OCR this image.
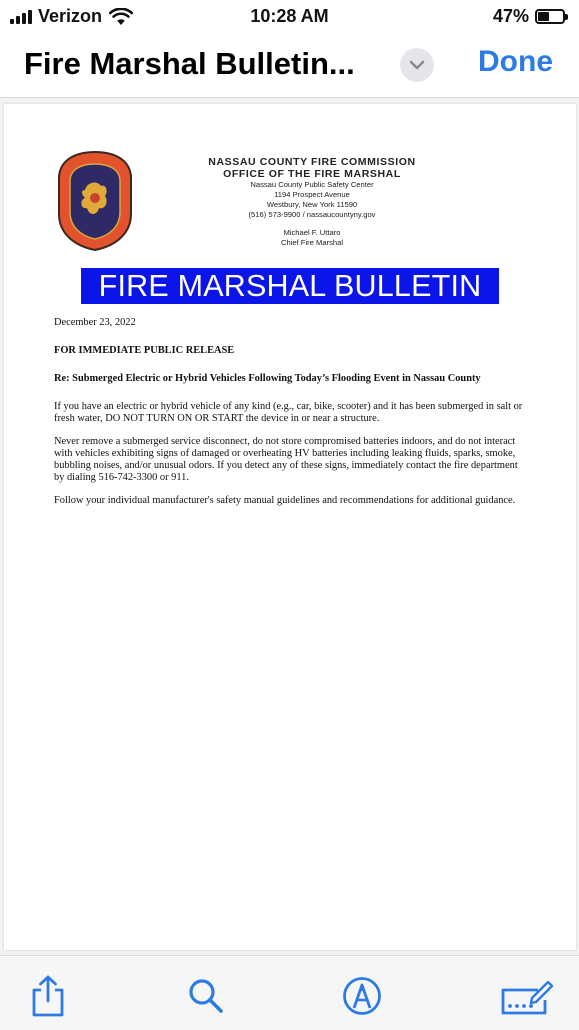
Verizon	10:28 AM	47%
Fire Marshal Bulletin...	Done
NASSAU COUNTY FIRE COMMISSION
OFFICE OF THE FIRE MARSHAL
Nassau County Public Safety Center
1194 Prospect Avenue
Westbury, New York 11590
(516) 573-9900 / nassaucountyny.gov
Michael F. Uttaro
Chief Fire Marshal
FIRE MARSHAL BULLETIN
December 23, 2022
FOR IMMEDIATE PUBLIC RELEASE
Re: Submerged Electric or Hybrid Vehicles Following Today’s Flooding Event in Nassau County

If you have an electric or hybrid vehicle of any kind (e.g., car, bike, scooter) and it has been submerged in salt or fresh water, DO NOT TURN ON OR START the device in or near a structure.

Never remove a submerged service disconnect, do not store compromised batteries indoors, and do not interact with vehicles exhibiting signs of damaged or overheating HV batteries including leaking fluids, sparks, smoke, bubbling noises, and/or unusual odors. If you detect any of these signs, immediately contact the fire department by dialing 516-742-3300 or 911.

Follow your individual manufacturer's safety manual guidelines and recommendations for additional guidance.
